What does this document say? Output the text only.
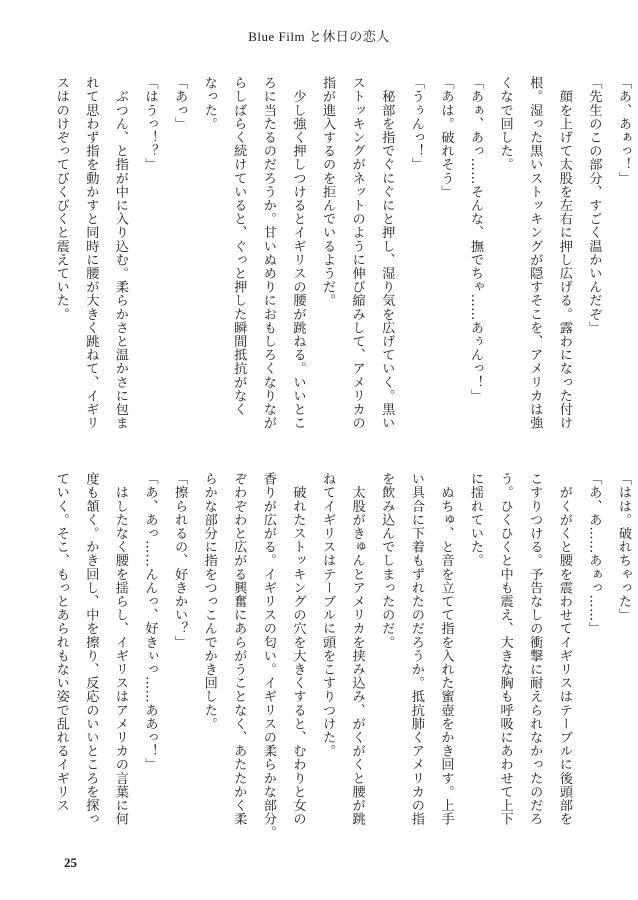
Blue Film と休日の恋人
「あ、あぁっ！」
「先生のこの部分、すごく温かいんだぞ」
　顔を上げて太股を左右に押し広げる。露わになった付け
根。湿った黒いストッキングが隠すそこを、アメリカは強
くなで回した。
「あぁ、あっ……そんな、撫でちゃ……あぅんっ！」
「あは。破れそう」
「うぅんっ！」
　秘部を指でぐにぐにと押し、湿り気を広げていく。黒い
ストッキングがネットのように伸び縮みして、アメリカの
指が進入するのを拒んでいるようだ。
　少し強く押しつけるとイギリスの腰が跳ねる。いいとこ
ろに当たるのだろうか。甘いぬめりにおもしろくなりなが
らしばらく続けていると、ぐっと押した瞬間抵抗がなく
なった。
「あっ」
「はうっ！？」
　ぶつん、と指が中に入り込む。柔らかさと温かさに包ま
れて思わず指を動かすと同時に腰が大きく跳ねて、イギリ
スはのけぞってびくびくと震えていた。
「はは。破れちゃった」
「あ、あ……あぁっ……」
　がくがくと腰を震わせてイギリスはテーブルに後頭部を
こすりつける。予告なしの衝撃に耐えられなかったのだろ
う。ひくひくと中も震え、大きな胸も呼吸にあわせて上下
に揺れていた。
　ぬちゅ、と音を立てて指を入れた蜜壺をかき回す。上手
い具合に下着もずれたのだろうか。抵抗肺くアメリカの指
を飲み込んでしまったのだ。
　太股がきゅんとアメリカを挟み込み、がくがくと腰が跳
ねてイギリスはテーブルに頭をこすりつけた。
　破れたストッキングの穴を大きくすると、むわりと女の
香りが広がる。イギリスの匂い。イギリスの柔らかな部分。
ぞわぞわと広がる興奮にあらがうことなく、あたたかく柔
らかな部分に指をつっこんでかき回した。
「擦られるの、好きかい？」
「あ、あっ……んんっ、好きぃっ……ああっ！」
　はしたなく腰を揺らし、イギリスはアメリカの言葉に何
度も頷く。かき回し、中を擦り、反応のいいところを探っ
ていく。そこ、もっとあられもない姿で乱れるイギリス
25
